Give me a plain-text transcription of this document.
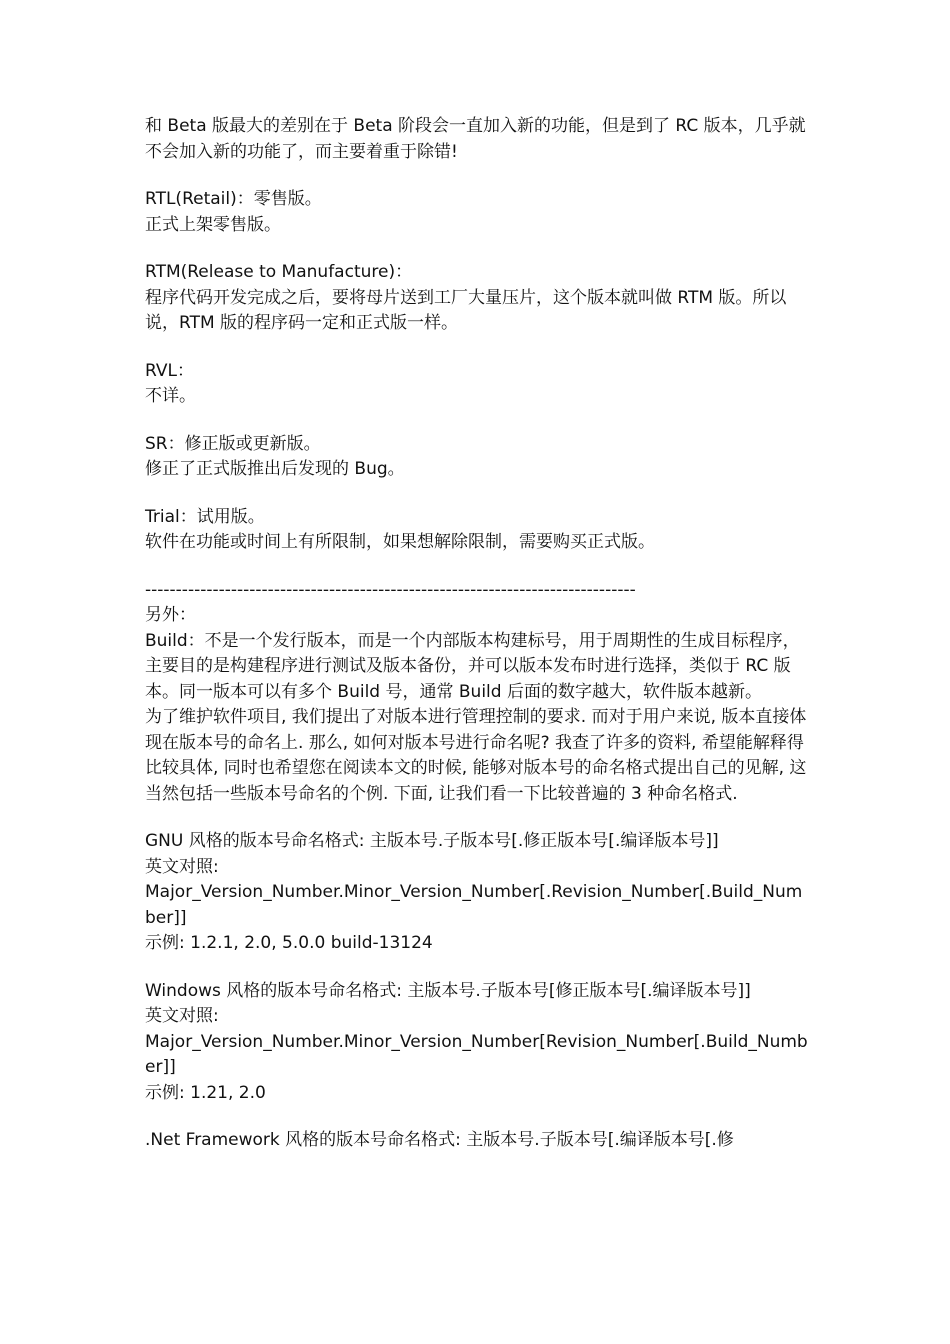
和 Beta 版最大的差别在于 Beta 阶段会一直加入新的功能，但是到了 RC 版本，几乎就不会加入新的功能了，而主要着重于除错!

RTL(Retail)：零售版。

正式上架零售版。

RTM(Release to Manufacture)：

程序代码开发完成之后，要将母片送到工厂大量压片，这个版本就叫做 RTM 版。所以说，RTM 版的程序码一定和正式版一样。

RVL：

不详。

SR：修正版或更新版。

修正了正式版推出后发现的 Bug。

Trial：试用版。

软件在功能或时间上有所限制，如果想解除限制，需要购买正式版。

--------------------------------------------------------------------------------

另外：

Build：不是一个发行版本，而是一个内部版本构建标号，用于周期性的生成目标程序，主要目的是构建程序进行测试及版本备份，并可以版本发布时进行选择，类似于 RC 版本。同一版本可以有多个 Build 号，通常 Build 后面的数字越大，软件版本越新。

为了维护软件项目, 我们提出了对版本进行管理控制的要求. 而对于用户来说, 版本直接体现在版本号的命名上. 那么, 如何对版本号进行命名呢? 我查了许多的资料, 希望能解释得比较具体, 同时也希望您在阅读本文的时候, 能够对版本号的命名格式提出自己的见解, 这当然包括一些版本号命名的个例. 下面, 让我们看一下比较普遍的 3 种命名格式.

GNU 风格的版本号命名格式: 主版本号.子版本号[.修正版本号[.编译版本号]]

英文对照:

Major_Version_Number.Minor_Version_Number[.Revision_Number[.Build_Number]]

示例: 1.2.1, 2.0, 5.0.0 build-13124

Windows 风格的版本号命名格式: 主版本号.子版本号[修正版本号[.编译版本号]]

英文对照:

Major_Version_Number.Minor_Version_Number[Revision_Number[.Build_Number]]

示例: 1.21, 2.0

.Net Framework 风格的版本号命名格式: 主版本号.子版本号[.编译版本号[.修
